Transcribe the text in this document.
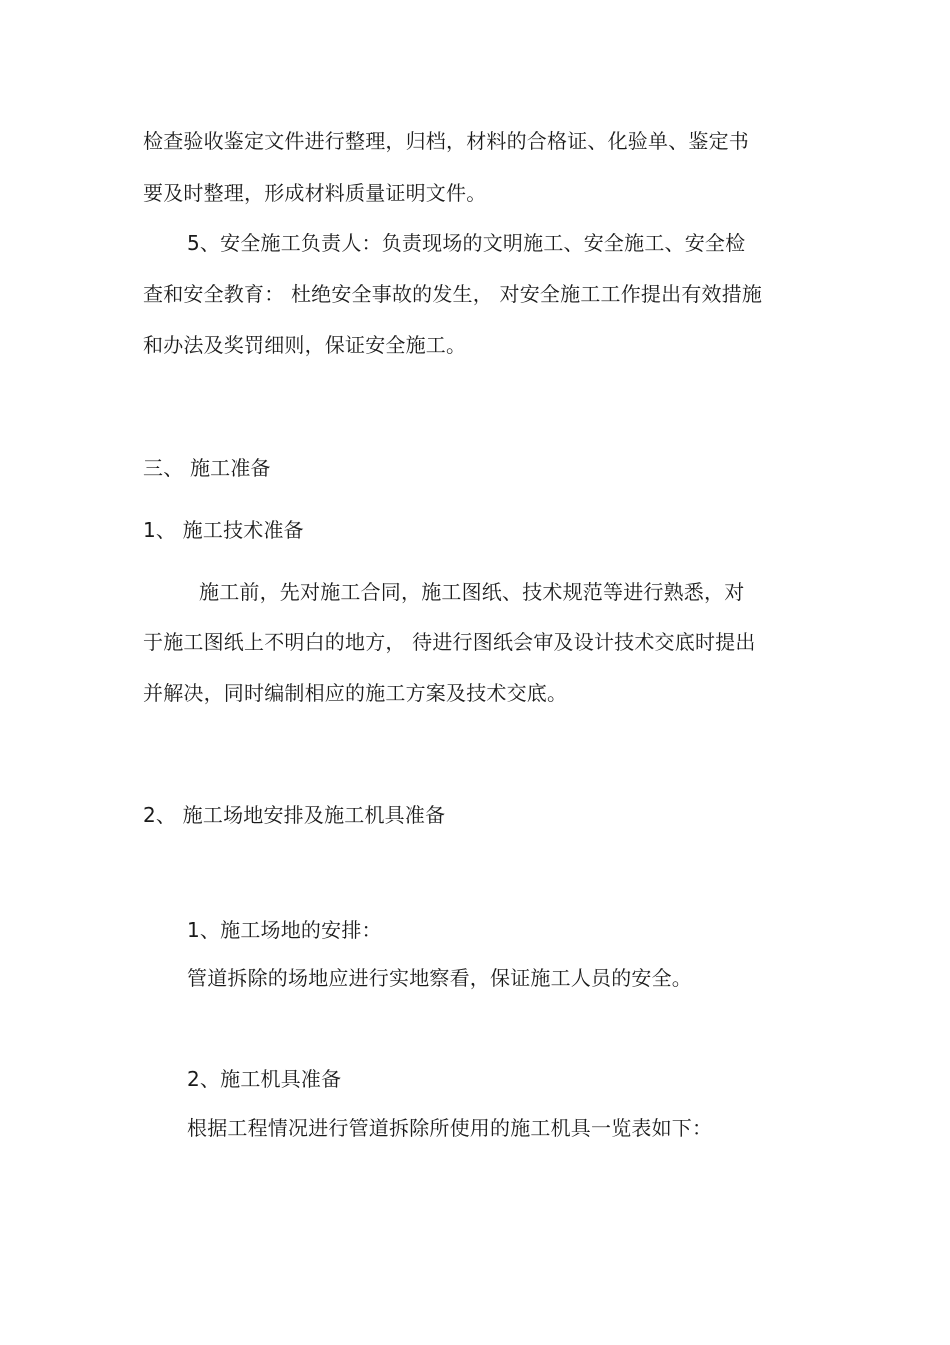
检查验收鉴定文件进行整理，归档，材料的合格证、化验单、鉴定书
要及时整理，形成材料质量证明文件。
5、安全施工负责人：负责现场的文明施工、安全施工、安全检
查和安全教育： 杜绝安全事故的发生， 对安全施工工作提出有效措施
和办法及奖罚细则，保证安全施工。
三、 施工准备
1、 施工技术准备
施工前，先对施工合同，施工图纸、技术规范等进行熟悉，对
于施工图纸上不明白的地方， 待进行图纸会审及设计技术交底时提出
并解决，同时编制相应的施工方案及技术交底。
2、 施工场地安排及施工机具准备
1、施工场地的安排：
管道拆除的场地应进行实地察看，保证施工人员的安全。
2、施工机具准备
根据工程情况进行管道拆除所使用的施工机具一览表如下：
